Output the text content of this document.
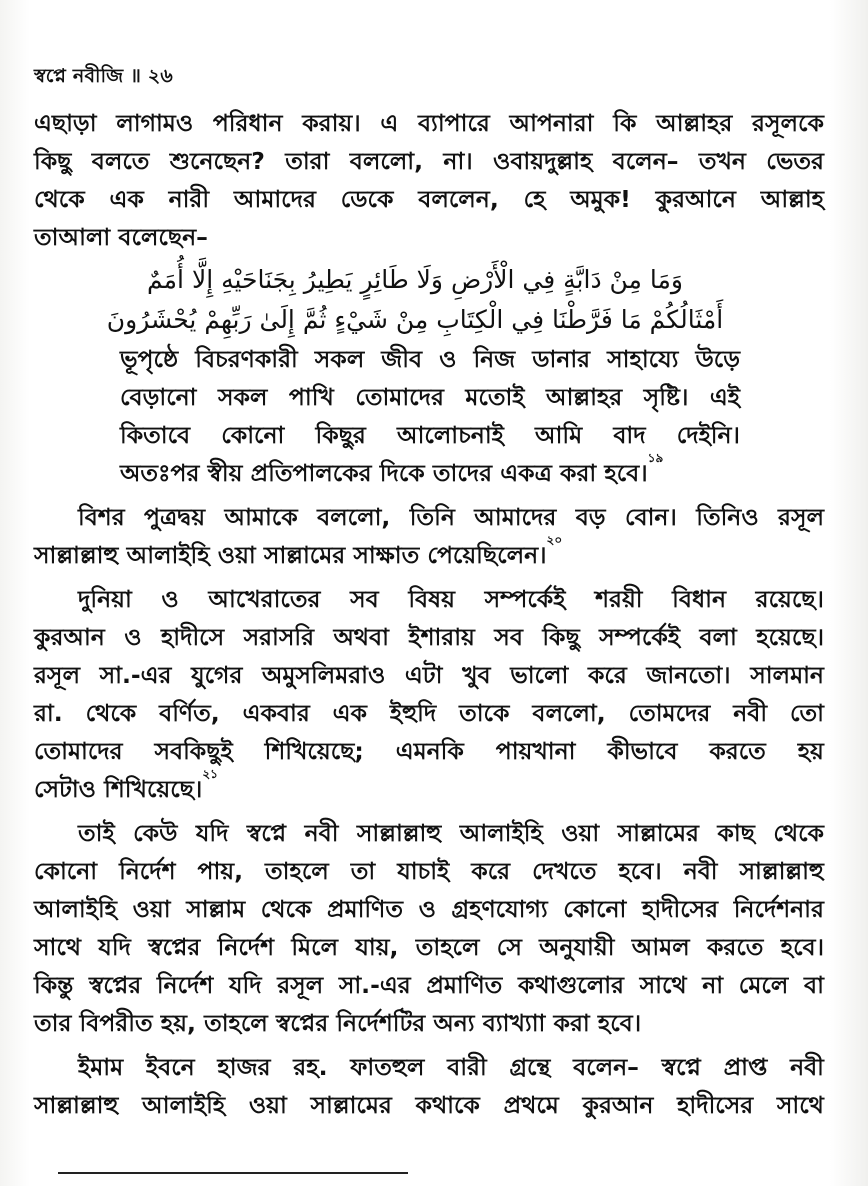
স্বপ্নে নবীজি ॥ ২৬
এছাড়া লাগামও পরিধান করায়। এ ব্যাপারে আপনারা কি আল্লাহর রসূলকে
কিছু বলতে শুনেছেন? তারা বললো, না। ওবায়দুল্লাহ বলেন– তখন ভেতর
থেকে এক নারী আমাদের ডেকে বললেন, হে অমুক! কুরআনে আল্লাহ
তাআলা বলেছেন–
وَمَا مِنْ دَابَّةٍ فِي الْأَرْضِ وَلَا طَائِرٍ يَطِيرُ بِجَنَاحَيْهِ إِلَّا أُمَمٌ
أَمْثَالُكُمْ مَا فَرَّطْنَا فِي الْكِتَابِ مِنْ شَيْءٍ ثُمَّ إِلَىٰ رَبِّهِمْ يُحْشَرُونَ
ভূপৃষ্ঠে বিচরণকারী সকল জীব ও নিজ ডানার সাহায্যে উড়ে
বেড়ানো সকল পাখি তোমাদের মতোই আল্লাহর সৃষ্টি। এই
কিতাবে কোনো কিছুর আলোচনাই আমি বাদ দেইনি।
অতঃপর স্বীয় প্রতিপালকের দিকে তাদের একত্র করা হবে।$^{১৯}$
বিশর পুত্রদ্বয় আমাকে বললো, তিনি আমাদের বড় বোন। তিনিও রসূল
সাল্লাল্লাহু আলাইহি ওয়া সাল্লামের সাক্ষাত পেয়েছিলেন।$^{২০}$
দুনিয়া ও আখেরাতের সব বিষয় সম্পর্কেই শরয়ী বিধান রয়েছে।
কুরআন ও হাদীসে সরাসরি অথবা ইশারায় সব কিছু সম্পর্কেই বলা হয়েছে।
রসূল সা.-এর যুগের অমুসলিমরাও এটা খুব ভালো করে জানতো। সালমান
রা. থেকে বর্ণিত, একবার এক ইহুদি তাকে বললো, তোমদের নবী তো
তোমাদের সবকিছুই শিখিয়েছে; এমনকি পায়খানা কীভাবে করতে হয়
সেটাও শিখিয়েছে।$^{২১}$
তাই কেউ যদি স্বপ্নে নবী সাল্লাল্লাহু আলাইহি ওয়া সাল্লামের কাছ থেকে
কোনো নির্দেশ পায়, তাহলে তা যাচাই করে দেখতে হবে। নবী সাল্লাল্লাহু
আলাইহি ওয়া সাল্লাম থেকে প্রমাণিত ও গ্রহণযোগ্য কোনো হাদীসের নির্দেশনার
সাথে যদি স্বপ্নের নির্দেশ মিলে যায়, তাহলে সে অনুযায়ী আমল করতে হবে।
কিন্তু স্বপ্নের নির্দেশ যদি রসূল সা.-এর প্রমাণিত কথাগুলোর সাথে না মেলে বা
তার বিপরীত হয়, তাহলে স্বপ্নের নির্দেশটির অন্য ব্যাখ্যাা করা হবে।
ইমাম ইবনে হাজর রহ. ফাতহুল বারী গ্রন্থে বলেন– স্বপ্নে প্রাপ্ত নবী
সাল্লাল্লাহু আলাইহি ওয়া সাল্লামের কথাকে প্রথমে কুরআন হাদীসের সাথে
